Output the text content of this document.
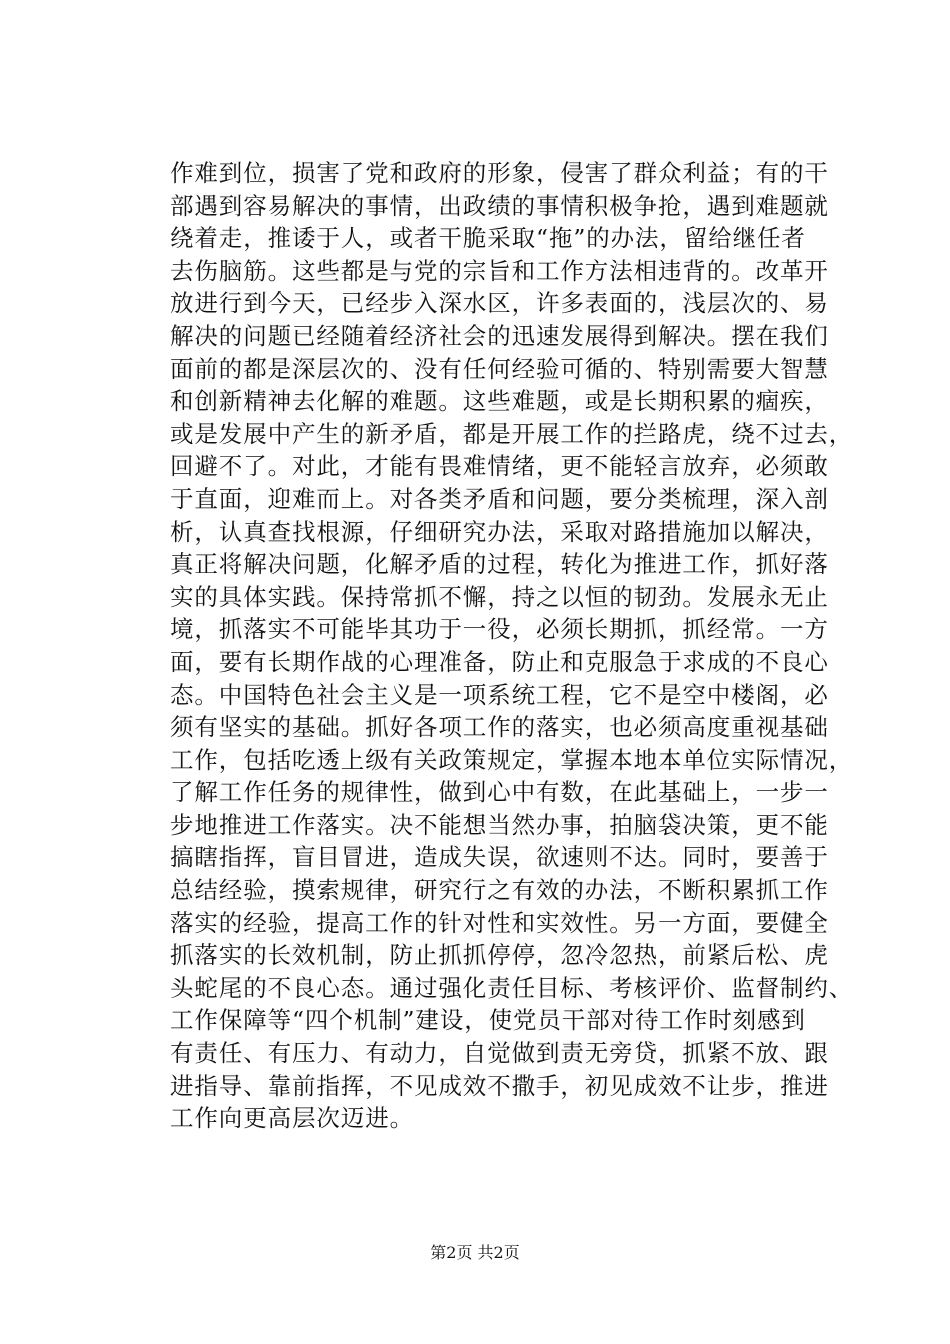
作难到位，损害了党和政府的形象，侵害了群众利益；有的干
部遇到容易解决的事情，出政绩的事情积极争抢，遇到难题就
绕着走，推诿于人，或者干脆采取“拖”的办法，留给继任者
去伤脑筋。这些都是与党的宗旨和工作方法相违背的。改革开
放进行到今天，已经步入深水区，许多表面的，浅层次的、易
解决的问题已经随着经济社会的迅速发展得到解决。摆在我们
面前的都是深层次的、没有任何经验可循的、特别需要大智慧
和创新精神去化解的难题。这些难题，或是长期积累的痼疾，
或是发展中产生的新矛盾，都是开展工作的拦路虎，绕不过去，
回避不了。对此，才能有畏难情绪，更不能轻言放弃，必须敢
于直面，迎难而上。对各类矛盾和问题，要分类梳理，深入剖
析，认真查找根源，仔细研究办法，采取对路措施加以解决，
真正将解决问题，化解矛盾的过程，转化为推进工作，抓好落
实的具体实践。保持常抓不懈，持之以恒的韧劲。发展永无止
境，抓落实不可能毕其功于一役，必须长期抓，抓经常。一方
面，要有长期作战的心理准备，防止和克服急于求成的不良心
态。中国特色社会主义是一项系统工程，它不是空中楼阁，必
须有坚实的基础。抓好各项工作的落实，也必须高度重视基础
工作，包括吃透上级有关政策规定，掌握本地本单位实际情况，
了解工作任务的规律性，做到心中有数，在此基础上，一步一
步地推进工作落实。决不能想当然办事，拍脑袋决策，更不能
搞瞎指挥，盲目冒进，造成失误，欲速则不达。同时，要善于
总结经验，摸索规律，研究行之有效的办法，不断积累抓工作
落实的经验，提高工作的针对性和实效性。另一方面，要健全
抓落实的长效机制，防止抓抓停停，忽冷忽热，前紧后松、虎
头蛇尾的不良心态。通过强化责任目标、考核评价、监督制约、
工作保障等“四个机制”建设，使党员干部对待工作时刻感到
有责任、有压力、有动力，自觉做到责无旁贷，抓紧不放、跟
进指导、靠前指挥，不见成效不撒手，初见成效不让步，推进
工作向更高层次迈进。
第2页 共2页
